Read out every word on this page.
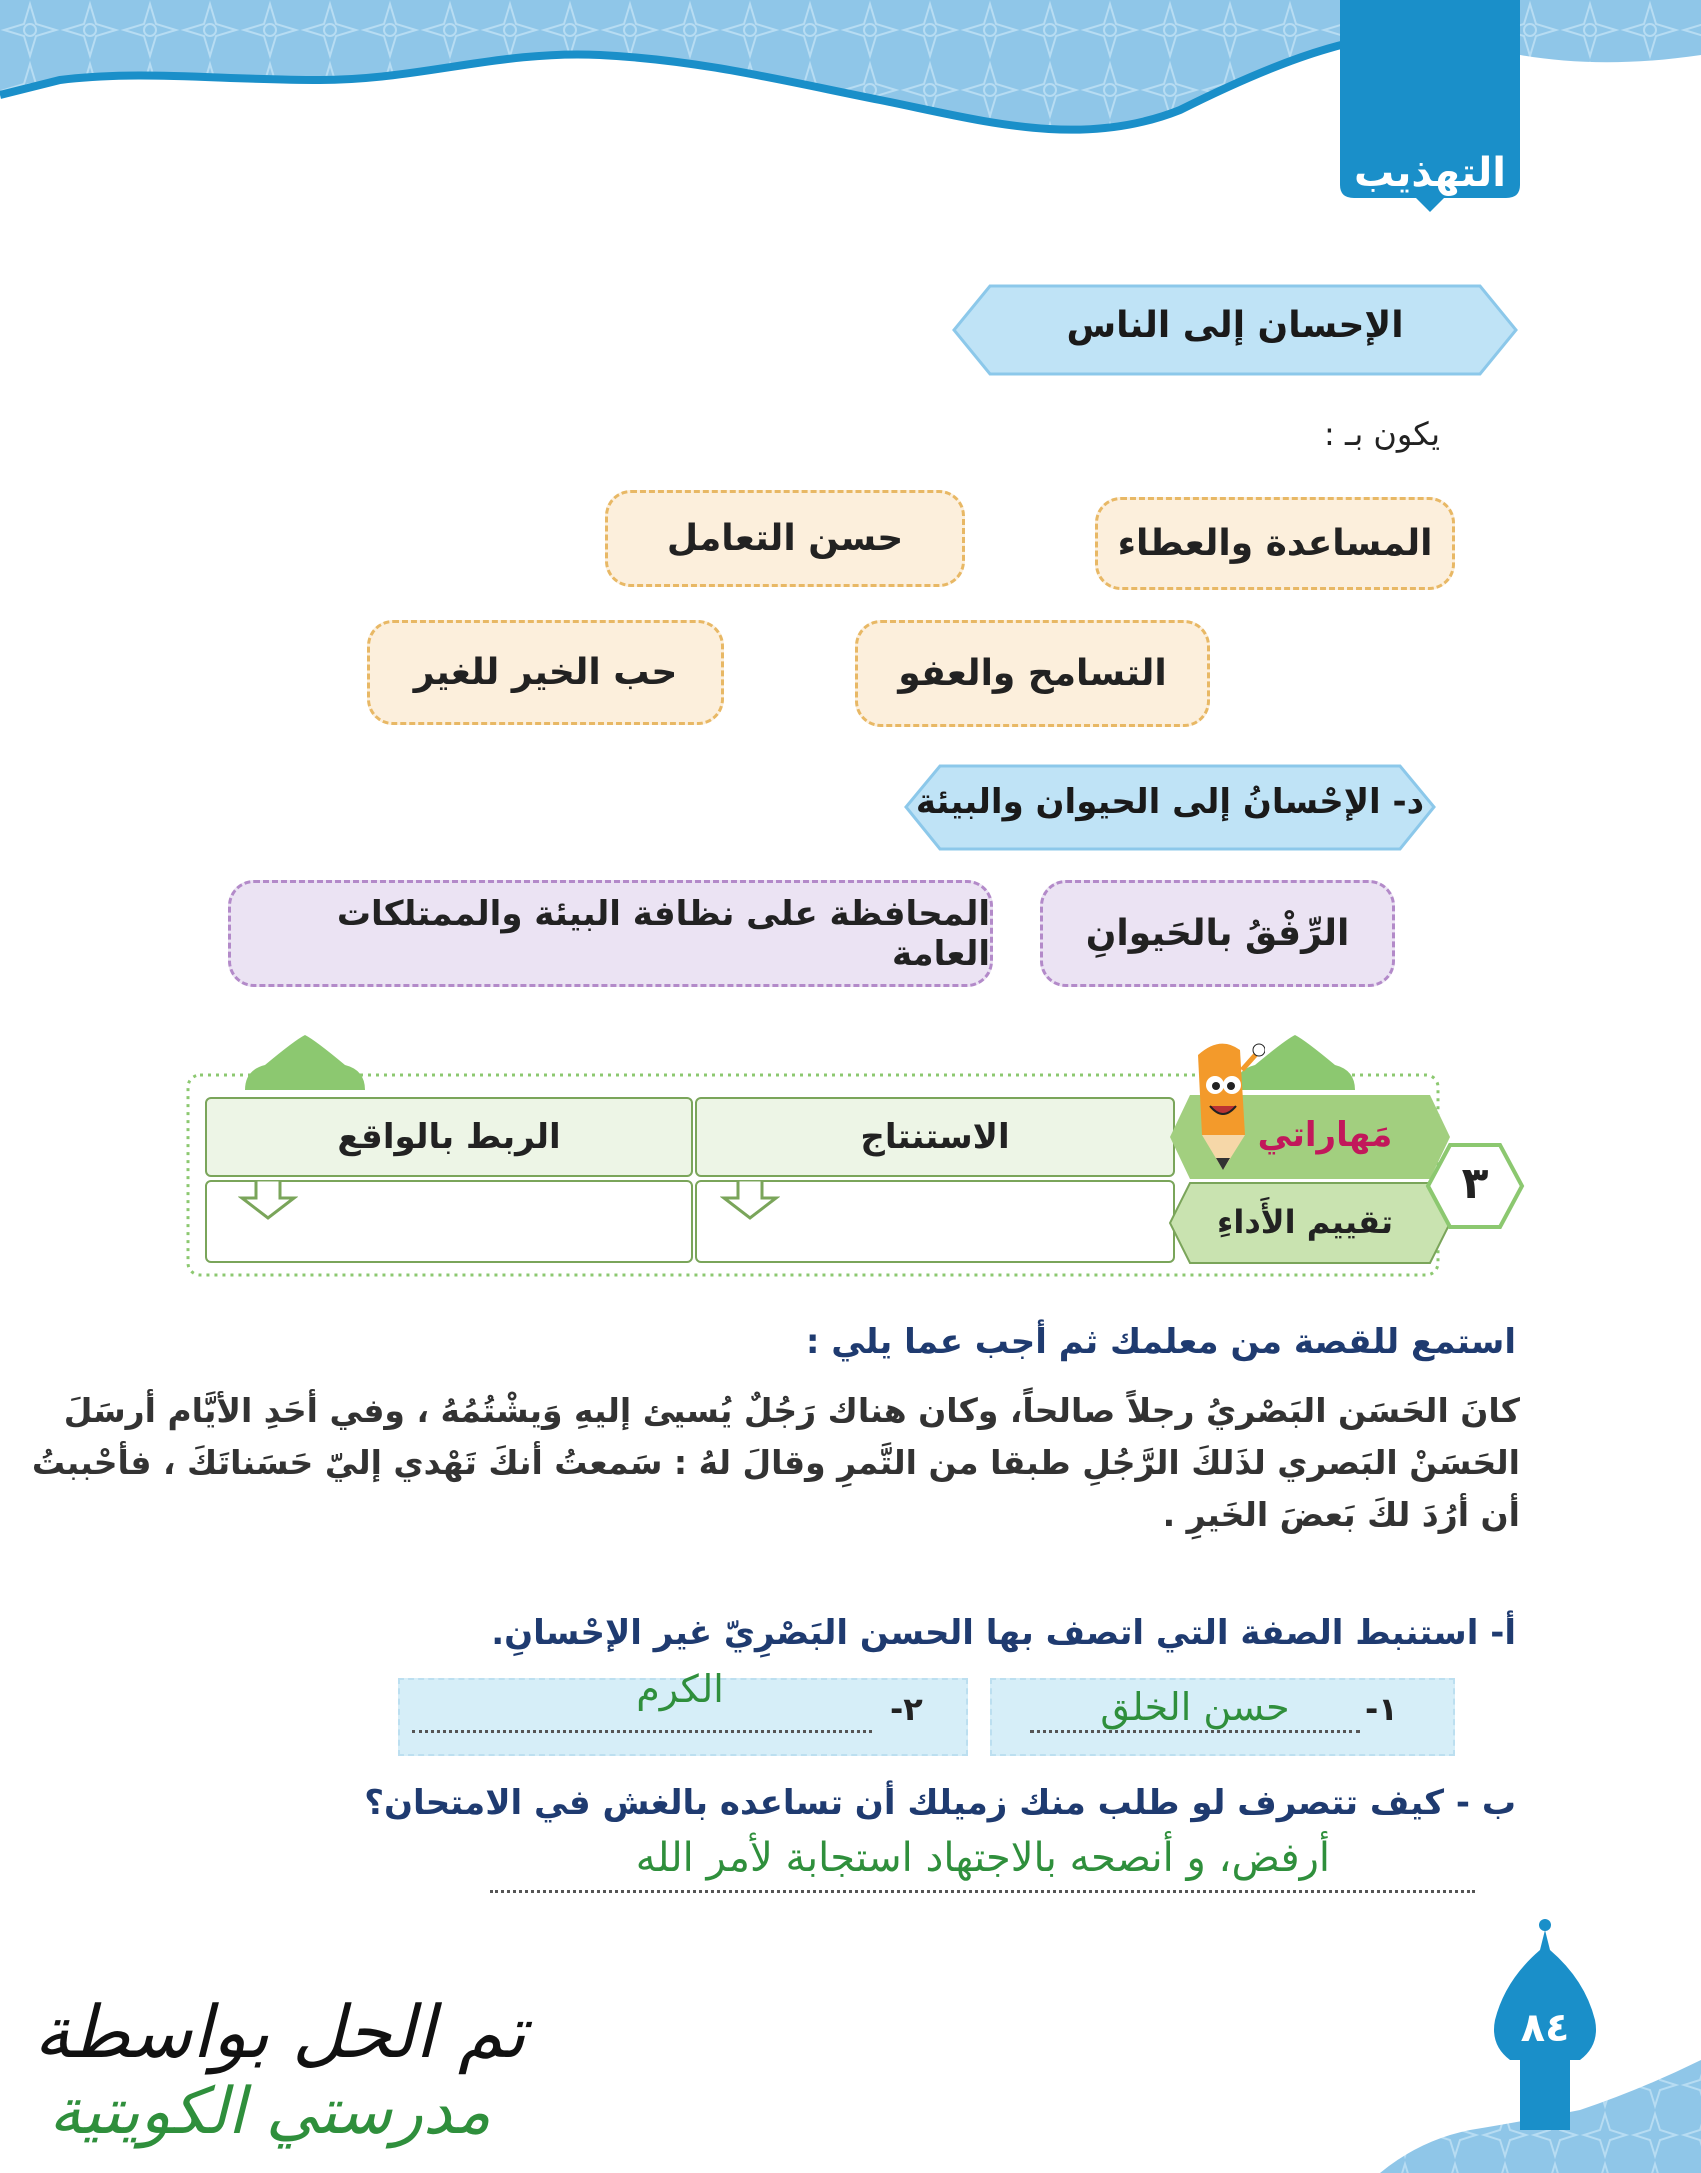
التهذيب
الإحسان إلى الناس
يكون بـ :
المساعدة والعطاء
حسن التعامل
التسامح والعفو
حب الخير للغير
د- الإحْسانُ إلى الحيوان والبيئة
الرِّفْقُ بالحَيوانِ
المحافظة على نظافة البيئة والممتلكات العامة
الاستنتاج
الربط بالواقع	مَهاراتي
تقييم الأَداءِ
٣
استمع للقصة من معلمك ثم أجب عما يلي :
كانَ الحَسَن البَصْريُ رجلاً صالحاً، وكان هناك رَجُلٌ يُسيئ إليهِ وَيشْتُمُهُ ، وفي أحَدِ الأيَّام أرسَلَ
الحَسَنْ البَصري لذَلكَ الرَّجُلِ طبقا من التَّمرِ وقالَ لهُ : سَمعتُ أنكَ تَهْدي إليّ حَسَناتَكَ ، فأحْببتُ
أن أرُدَ لكَ بَعضَ الخَيرِ .
أ- استنبط الصفة التي اتصف بها الحسن البَصْرِيّ غير الإحْسانِ.
١-
حسن الخلق
٢-
الكرم
ب - كيف تتصرف لو طلب منك زميلك أن تساعده بالغش في الامتحان؟
أرفض، و أنصحه بالاجتهاد استجابة لأمر الله
تم الحل بواسطة
مدرستي الكويتية
٨٤
